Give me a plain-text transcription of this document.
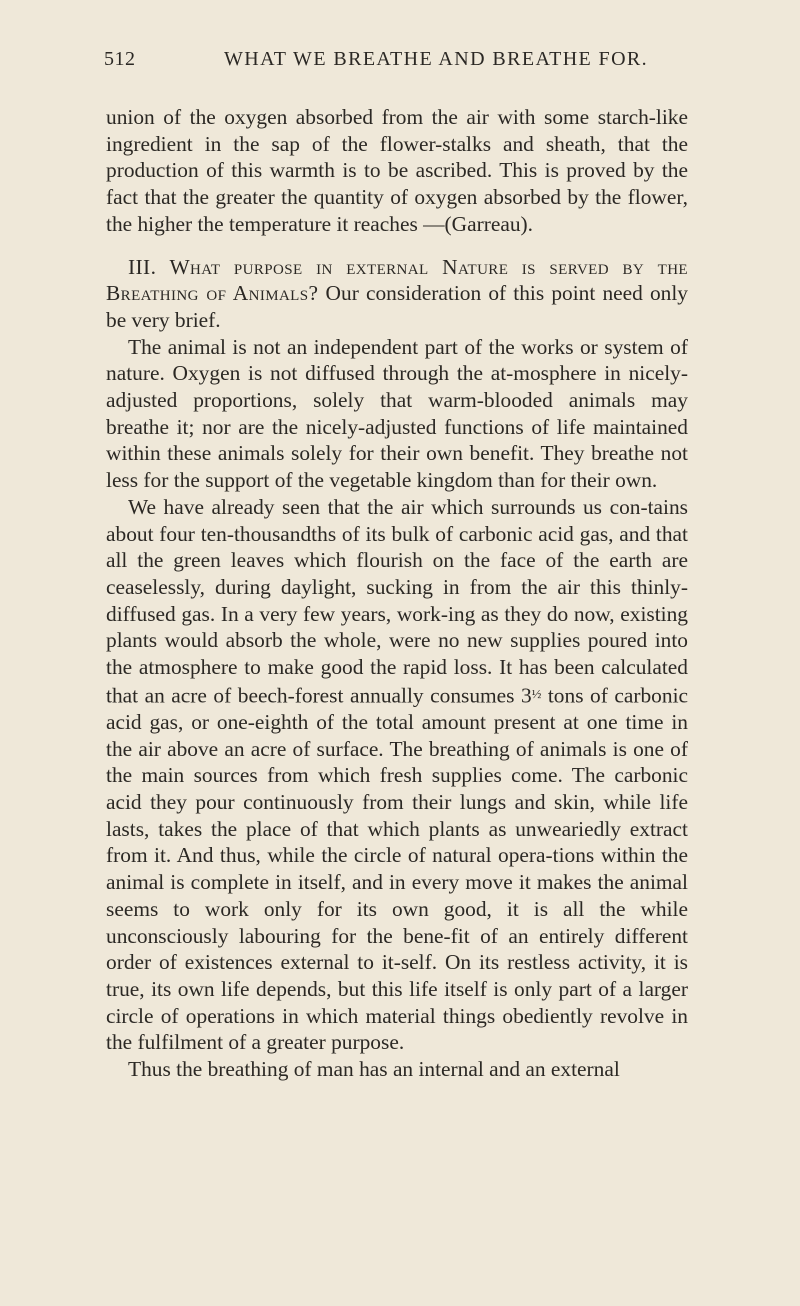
512	WHAT WE BREATHE AND BREATHE FOR.

union of the oxygen absorbed from the air with some starch-like ingredient in the sap of the flower-stalks and sheath, that the production of this warmth is to be ascribed. This is proved by the fact that the greater the quantity of oxygen absorbed by the flower, the higher the temperature it reaches —(Garreau).

III. What purpose in external Nature is served by the Breathing of Animals? Our consideration of this point need only be very brief.

The animal is not an independent part of the works or system of nature. Oxygen is not diffused through the at-mosphere in nicely-adjusted proportions, solely that warm-blooded animals may breathe it; nor are the nicely-adjusted functions of life maintained within these animals solely for their own benefit. They breathe not less for the support of the vegetable kingdom than for their own.

We have already seen that the air which surrounds us con-tains about four ten-thousandths of its bulk of carbonic acid gas, and that all the green leaves which flourish on the face of the earth are ceaselessly, during daylight, sucking in from the air this thinly-diffused gas. In a very few years, work-ing as they do now, existing plants would absorb the whole, were no new supplies poured into the atmosphere to make good the rapid loss. It has been calculated that an acre of beech-forest annually consumes $3^{\frac{1}{2}}$ tons of carbonic acid gas, or one-eighth of the total amount present at one time in the air above an acre of surface. The breathing of animals is one of the main sources from which fresh supplies come. The carbonic acid they pour continuously from their lungs and skin, while life lasts, takes the place of that which plants as unweariedly extract from it. And thus, while the circle of natural opera-tions within the animal is complete in itself, and in every move it makes the animal seems to work only for its own good, it is all the while unconsciously labouring for the bene-fit of an entirely different order of existences external to it-self. On its restless activity, it is true, its own life depends, but this life itself is only part of a larger circle of operations in which material things obediently revolve in the fulfilment of a greater purpose.

Thus the breathing of man has an internal and an external
